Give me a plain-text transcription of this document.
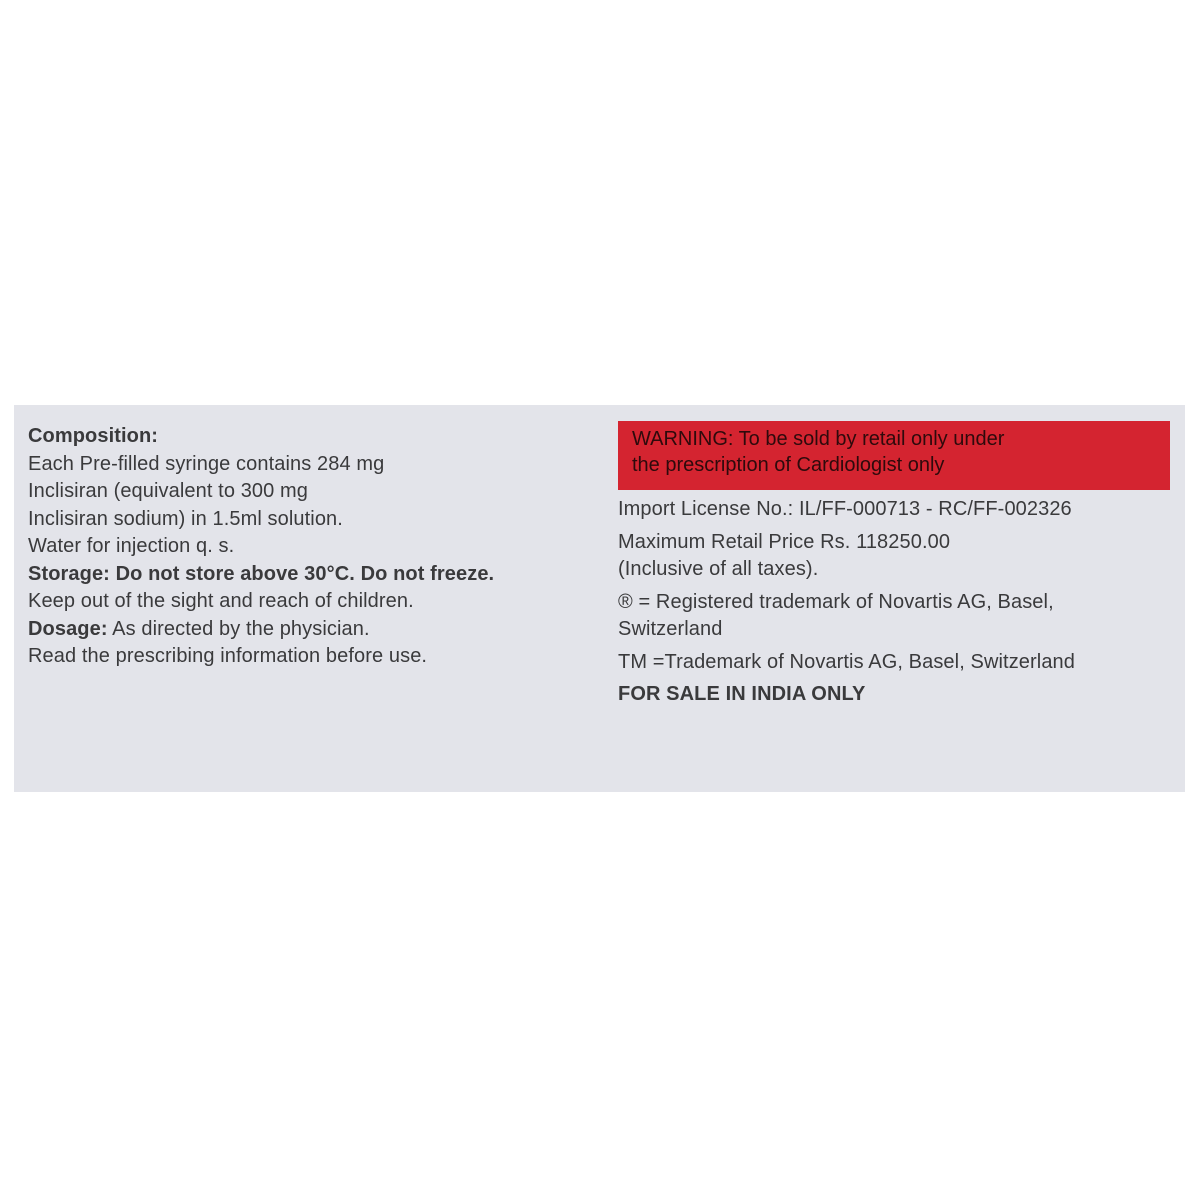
Composition:
Each Pre-filled syringe contains 284 mg
Inclisiran (equivalent to 300 mg
Inclisiran sodium) in 1.5ml solution.
Water for injection q. s.
Storage: Do not store above 30°C. Do not freeze.
Keep out of the sight and reach of children.
Dosage: As directed by the physician.
Read the prescribing information before use.
WARNING: To be sold by retail only under
the prescription of Cardiologist only
Import License No.: IL/FF-000713 - RC/FF-002326
Maximum Retail Price Rs. 118250.00
(Inclusive of all taxes).
® = Registered trademark of Novartis AG, Basel,
Switzerland
TM =Trademark of Novartis AG, Basel, Switzerland
FOR SALE IN INDIA ONLY
